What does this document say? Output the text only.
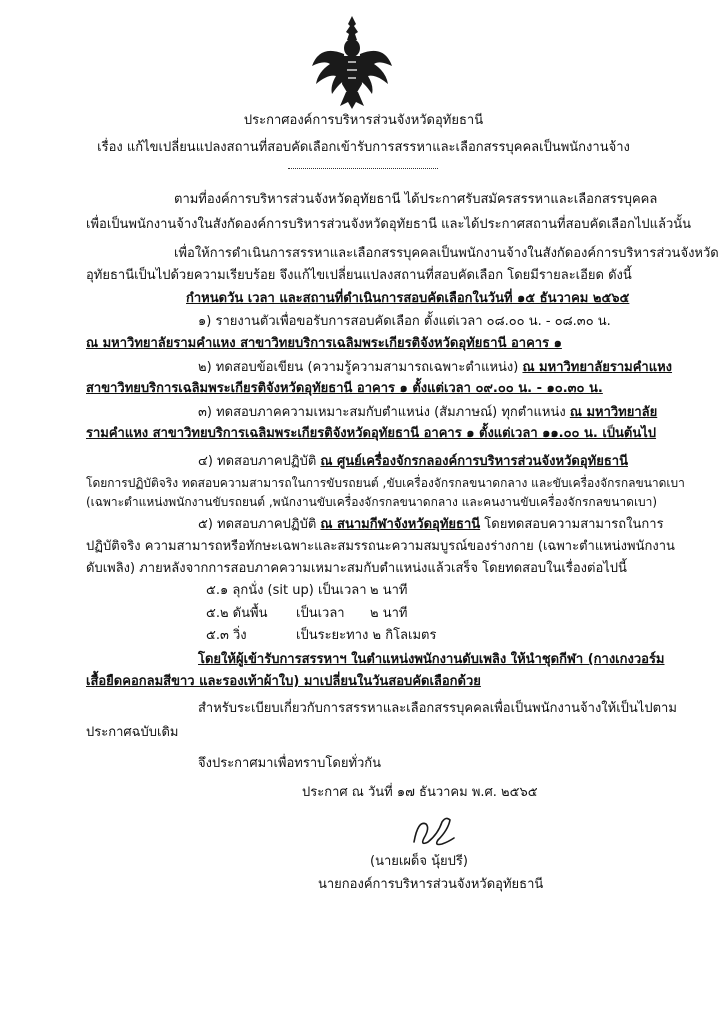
ประกาศองค์การบริหารส่วนจังหวัดอุทัยธานี
เรื่อง แก้ไขเปลี่ยนแปลงสถานที่สอบคัดเลือกเข้ารับการสรรหาและเลือกสรรบุคคลเป็นพนักงานจ้าง
ตามที่องค์การบริหารส่วนจังหวัดอุทัยธานี ได้ประกาศรับสมัครสรรหาและเลือกสรรบุคคล
เพื่อเป็นพนักงานจ้างในสังกัดองค์การบริหารส่วนจังหวัดอุทัยธานี และได้ประกาศสถานที่สอบคัดเลือกไปแล้วนั้น
เพื่อให้การดำเนินการสรรหาและเลือกสรรบุคคลเป็นพนักงานจ้างในสังกัดองค์การบริหารส่วนจังหวัด
อุทัยธานีเป็นไปด้วยความเรียบร้อย จึงแก้ไขเปลี่ยนแปลงสถานที่สอบคัดเลือก โดยมีรายละเอียด ดังนี้
กำหนดวัน เวลา และสถานที่ดำเนินการสอบคัดเลือกในวันที่ ๑๕ ธันวาคม ๒๕๖๕
๑) รายงานตัวเพื่อขอรับการสอบคัดเลือก ตั้งแต่เวลา ๐๘.๐๐ น. - ๐๘.๓๐ น.
ณ มหาวิทยาลัยรามคำแหง สาขาวิทยบริการเฉลิมพระเกียรติจังหวัดอุทัยธานี อาคาร ๑
๒) ทดสอบข้อเขียน (ความรู้ความสามารถเฉพาะตำแหน่ง) ณ มหาวิทยาลัยรามคำแหง
สาขาวิทยบริการเฉลิมพระเกียรติจังหวัดอุทัยธานี อาคาร ๑ ตั้งแต่เวลา ๐๙.๐๐ น. - ๑๐.๓๐ น.
๓) ทดสอบภาคความเหมาะสมกับตำแหน่ง (สัมภาษณ์) ทุกตำแหน่ง ณ มหาวิทยาลัย
รามคำแหง สาขาวิทยบริการเฉลิมพระเกียรติจังหวัดอุทัยธานี อาคาร ๑ ตั้งแต่เวลา ๑๑.๐๐ น. เป็นต้นไป
๔) ทดสอบภาคปฏิบัติ ณ ศูนย์เครื่องจักรกลองค์การบริหารส่วนจังหวัดอุทัยธานี
โดยการปฏิบัติจริง ทดสอบความสามารถในการขับรถยนต์ ,ขับเครื่องจักรกลขนาดกลาง และขับเครื่องจักรกลขนาดเบา
(เฉพาะตำแหน่งพนักงานขับรถยนต์ ,พนักงานขับเครื่องจักรกลขนาดกลาง และคนงานขับเครื่องจักรกลขนาดเบา)
๕) ทดสอบภาคปฏิบัติ ณ สนามกีฬาจังหวัดอุทัยธานี โดยทดสอบความสามารถในการ
ปฏิบัติจริง ความสามารถหรือทักษะเฉพาะและสมรรถนะความสมบูรณ์ของร่างกาย (เฉพาะตำแหน่งพนักงาน
ดับเพลิง) ภายหลังจากการสอบภาคความเหมาะสมกับตำแหน่งแล้วเสร็จ โดยทดสอบในเรื่องต่อไปนี้
๕.๑ ลุกนั่ง (sit up) เป็นเวลา ๒ นาที
๕.๒ ดันพื้น เป็นเวลา ๒ นาที
๕.๓ วิ่ง	เป็นระยะทาง ๒ กิโลเมตร
โดยให้ผู้เข้ารับการสรรหาฯ ในตำแหน่งพนักงานดับเพลิง ให้นำชุดกีฬา (กางเกงวอร์ม
เสื้อยืดคอกลมสีขาว และรองเท้าผ้าใบ) มาเปลี่ยนในวันสอบคัดเลือกด้วย
สำหรับระเบียบเกี่ยวกับการสรรหาและเลือกสรรบุคคลเพื่อเป็นพนักงานจ้างให้เป็นไปตาม
ประกาศฉบับเดิม
จึงประกาศมาเพื่อทราบโดยทั่วกัน
ประกาศ ณ วันที่ ๑๗ ธันวาคม พ.ศ. ๒๕๖๕
(นายเผด็จ นุ้ยปรี)
นายกองค์การบริหารส่วนจังหวัดอุทัยธานี
